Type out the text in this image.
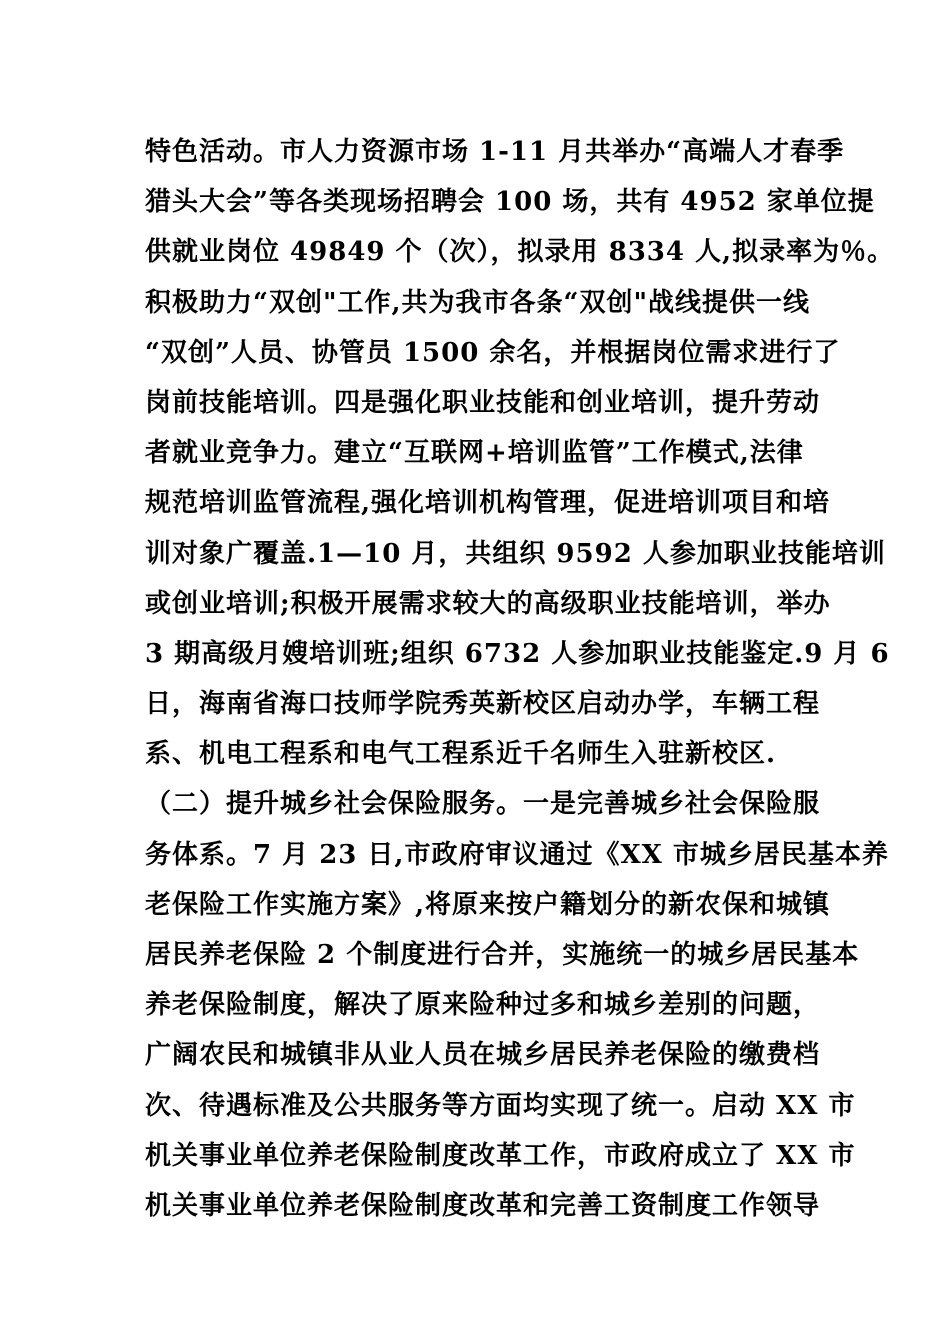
特色活动。市人力资源市场 1-11 月共举办“高端人才春季
猎头大会”等各类现场招聘会 100 场，共有 4952 家单位提
供就业岗位 49849 个（次），拟录用 8334 人,拟录率为％。
积极助力“双创"工作,共为我市各条“双创"战线提供一线
“双创”人员、协管员 1500 余名，并根据岗位需求进行了
岗前技能培训。四是强化职业技能和创业培训，提升劳动
者就业竞争力。建立“互联网+培训监管”工作模式,法律
规范培训监管流程,强化培训机构管理，促进培训项目和培
训对象广覆盖.1—10 月，共组织 9592 人参加职业技能培训
或创业培训;积极开展需求较大的高级职业技能培训，举办
3 期高级月嫂培训班;组织 6732 人参加职业技能鉴定.9 月 6
日，海南省海口技师学院秀英新校区启动办学，车辆工程
系、机电工程系和电气工程系近千名师生入驻新校区.
（二）提升城乡社会保险服务。一是完善城乡社会保险服
务体系。7 月 23 日,市政府审议通过《XX 市城乡居民基本养
老保险工作实施方案》,将原来按户籍划分的新农保和城镇
居民养老保险 2 个制度进行合并，实施统一的城乡居民基本
养老保险制度，解决了原来险种过多和城乡差别的问题，
广阔农民和城镇非从业人员在城乡居民养老保险的缴费档
次、待遇标准及公共服务等方面均实现了统一。启动 XX 市
机关事业单位养老保险制度改革工作，市政府成立了 XX 市
机关事业单位养老保险制度改革和完善工资制度工作领导
